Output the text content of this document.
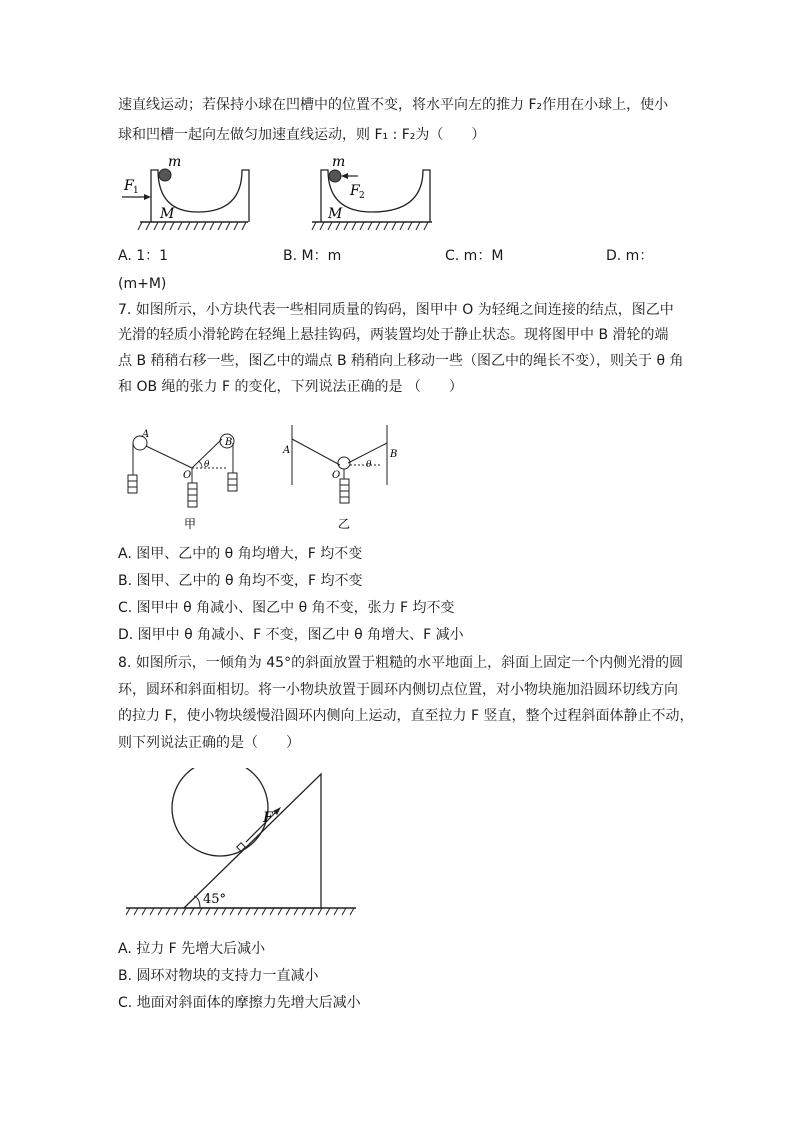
速直线运动；若保持小球在凹槽中的位置不变，将水平向左的推力 F₂作用在小球上，使小
球和凹槽一起向左做匀加速直线运动，则 F₁ : F₂为（　　）
m
F 1
M
m
F 2
M
A. 1：1	B. M：m	C. m：M	D. m：
(m+M)
7. 如图所示，小方块代表一些相同质量的钩码，图甲中 O 为轻绳之间连接的结点，图乙中
光滑的轻质小滑轮跨在轻绳上悬挂钩码，两装置均处于静止状态。现将图甲中 B 滑轮的端
点 B 稍稍右移一些，图乙中的端点 B 稍稍向上移动一些（图乙中的绳长不变），则关于 θ 角
和 OB 绳的张力 F 的变化，下列说法正确的是 （　　）
A
B
θ
O
甲
A	B
θ
O
乙
A. 图甲、乙中的 θ 角均增大，F 均不变
B. 图甲、乙中的 θ 角均不变，F 均不变
C. 图甲中 θ 角减小、图乙中 θ 角不变，张力 F 均不变
D. 图甲中 θ 角减小、F 不变，图乙中 θ 角增大、F 减小
8. 如图所示，一倾角为 45°的斜面放置于粗糙的水平地面上，斜面上固定一个内侧光滑的圆
环，圆环和斜面相切。将一小物块放置于圆环内侧切点位置，对小物块施加沿圆环切线方向
的拉力 F，使小物块缓慢沿圆环内侧向上运动，直至拉力 F 竖直，整个过程斜面体静止不动，
则下列说法正确的是（　　）
F
45°
A. 拉力 F 先增大后减小
B. 圆环对物块的支持力一直减小
C. 地面对斜面体的摩擦力先增大后减小
